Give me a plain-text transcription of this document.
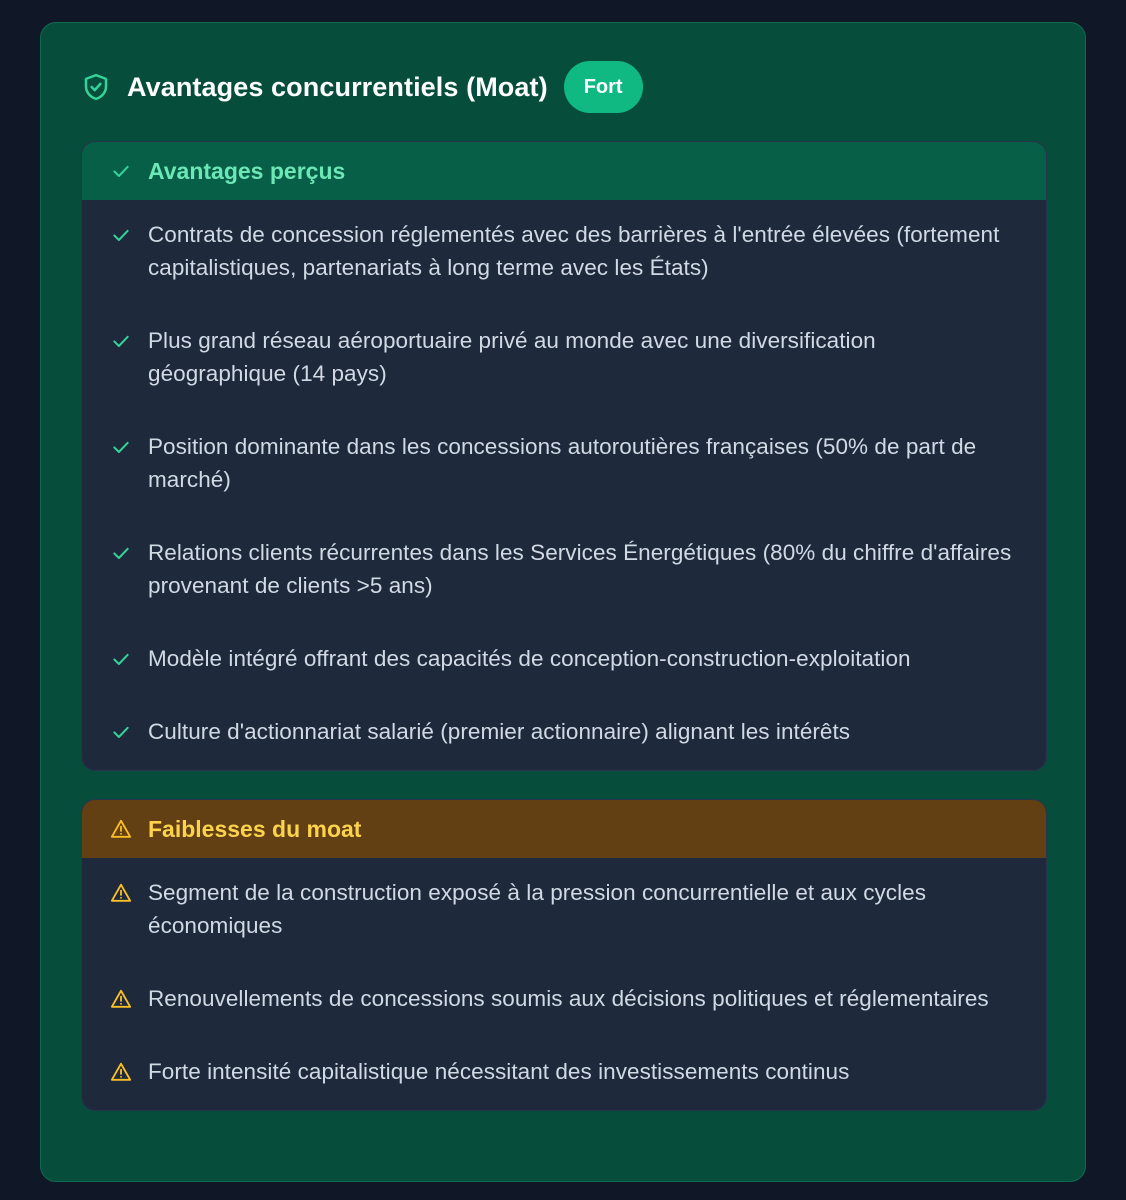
Avantages concurrentiels (Moat)	Fort
Avantages perçus
Contrats de concession réglementés avec des barrières à l'entrée élevées (fortement capitalistiques, partenariats à long terme avec les États)
Plus grand réseau aéroportuaire privé au monde avec une diversification géographique (14 pays)
Position dominante dans les concessions autoroutières françaises (50% de part de marché)
Relations clients récurrentes dans les Services Énergétiques (80% du chiffre d'affaires provenant de clients >5 ans)
Modèle intégré offrant des capacités de conception-construction-exploitation
Culture d'actionnariat salarié (premier actionnaire) alignant les intérêts
Faiblesses du moat
Segment de la construction exposé à la pression concurrentielle et aux cycles économiques
Renouvellements de concessions soumis aux décisions politiques et réglementaires
Forte intensité capitalistique nécessitant des investissements continus
